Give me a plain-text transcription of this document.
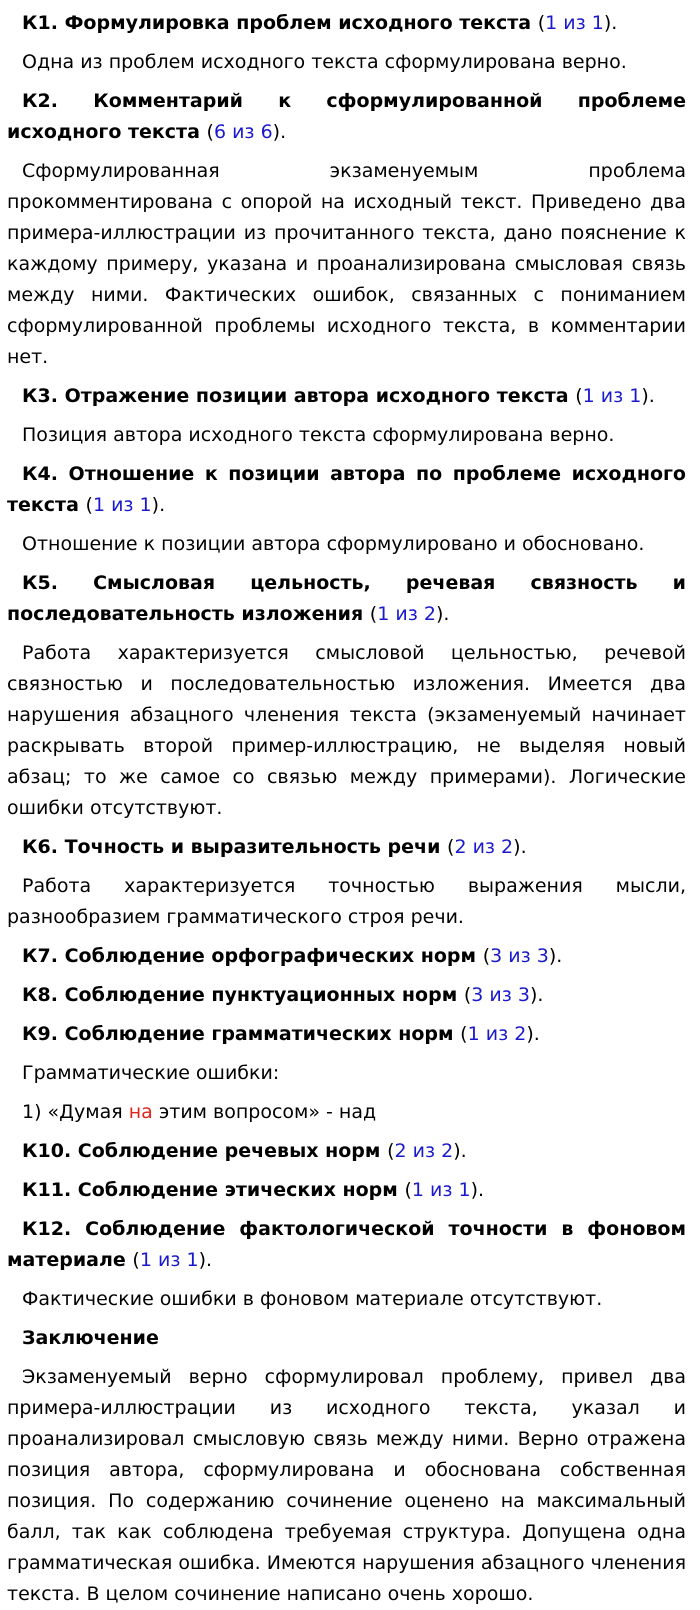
К1. Формулировка проблем исходного текста (1 из 1).

Одна из проблем исходного текста сформулирована верно.

К2. Комментарий к сформулированной проблеме исходного текста (6 из 6).

Сформулированная экзаменуемым проблема прокомментирована с опорой на исходный текст. Приведено два примера-иллюстрации из прочитанного текста, дано пояснение к каждому примеру, указана и проанализирована смысловая связь между ними. Фактических ошибок, связанных с пониманием сформулированной проблемы исходного текста, в комментарии нет.

К3. Отражение позиции автора исходного текста (1 из 1).

Позиция автора исходного текста сформулирована верно.

К4. Отношение к позиции автора по проблеме исходного текста (1 из 1).

Отношение к позиции автора сформулировано и обосновано.

К5. Смысловая цельность, речевая связность и последовательность изложения (1 из 2).

Работа характеризуется смысловой цельностью, речевой связностью и последовательностью изложения. Имеется два нарушения абзацного членения текста (экзаменуемый начинает раскрывать второй пример-иллюстрацию, не выделяя новый абзац; то же самое со связью между примерами). Логические ошибки отсутствуют.

К6. Точность и выразительность речи (2 из 2).

Работа характеризуется точностью выражения мысли, разнообразием грамматического строя речи.

К7. Соблюдение орфографических норм (3 из 3).

К8. Соблюдение пунктуационных норм (3 из 3).

К9. Соблюдение грамматических норм (1 из 2).

Грамматические ошибки:

1) «Думая на этим вопросом» - над

К10. Соблюдение речевых норм (2 из 2).

К11. Соблюдение этических норм (1 из 1).

К12. Соблюдение фактологической точности в фоновом материале (1 из 1).

Фактические ошибки в фоновом материале отсутствуют.

Заключение

Экзаменуемый верно сформулировал проблему, привел два примера-иллюстрации из исходного текста, указал и проанализировал смысловую связь между ними. Верно отражена позиция автора, сформулирована и обоснована собственная позиция. По содержанию сочинение оценено на максимальный балл, так как соблюдена требуемая структура. Допущена одна грамматическая ошибка. Имеются нарушения абзацного членения текста. В целом сочинение написано очень хорошо.
